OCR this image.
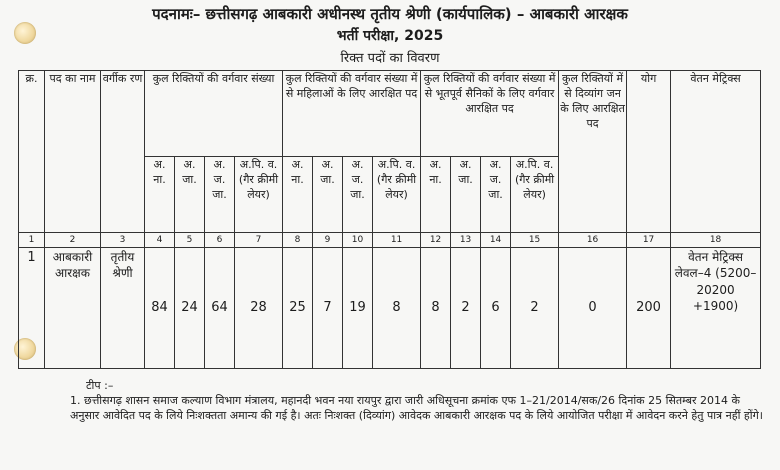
पदनामः– छत्तीसगढ़ आबकारी अधीनस्थ तृतीय श्रेणी (कार्यपालिक) – आबकारी आरक्षक
भर्ती परीक्षा, 2025
रिक्त पदों का विवरण
क्र.	पद का नाम	वर्गीक रण	कुल रिक्तियों की वर्गवार संख्या				कुल रिक्तियों की वर्गवार संख्या में से महिलाओं के लिए आरक्षित पद				कुल रिक्तियों की वर्गवार संख्या में से भूतपूर्व सैनिकों के लिए वर्गवार आरक्षित पद				कुल रिक्तियों में से दिव्यांग जन के लिए आरक्षित पद	योग	वेतन मेट्रिक्स
			अ. ना.	अ. जा.	अ. ज. जा.	अ.पि. व. (गैर क्रीमी लेयर)	अ. ना.	अ. जा.	अ. ज. जा.	अ.पि. व. (गैर क्रीमी लेयर)	अ. ना.	अ. जा.	अ. ज. जा.	अ.पि. व. (गैर क्रीमी लेयर)			
1	2	3	4	5	6	7	8	9	10	11	12	13	14	15	16	17	18
1	आबकारी आरक्षक	तृतीय श्रेणी	84	24	64	28	25	7	19	8	8	2	6	2	0	200	वेतन मेट्रिक्स लेवल–4 (5200– 20200 +1900)

टीप :–

1. छत्तीसगढ़ शासन समाज कल्याण विभाग मंत्रालय, महानदी भवन नया रायपुर द्वारा जारी अधिसूचना क्रमांक एफ 1–21/2014/सक/26 दिनांक 25 सितम्बर 2014 के अनुसार आवेदित पद के लिये निःशक्तता अमान्य की गई है। अतः निःशक्त (दिव्यांग) आवेदक आबकारी आरक्षक पद के लिये आयोजित परीक्षा में आवेदन करने हेतु पात्र नहीं होंगे।
